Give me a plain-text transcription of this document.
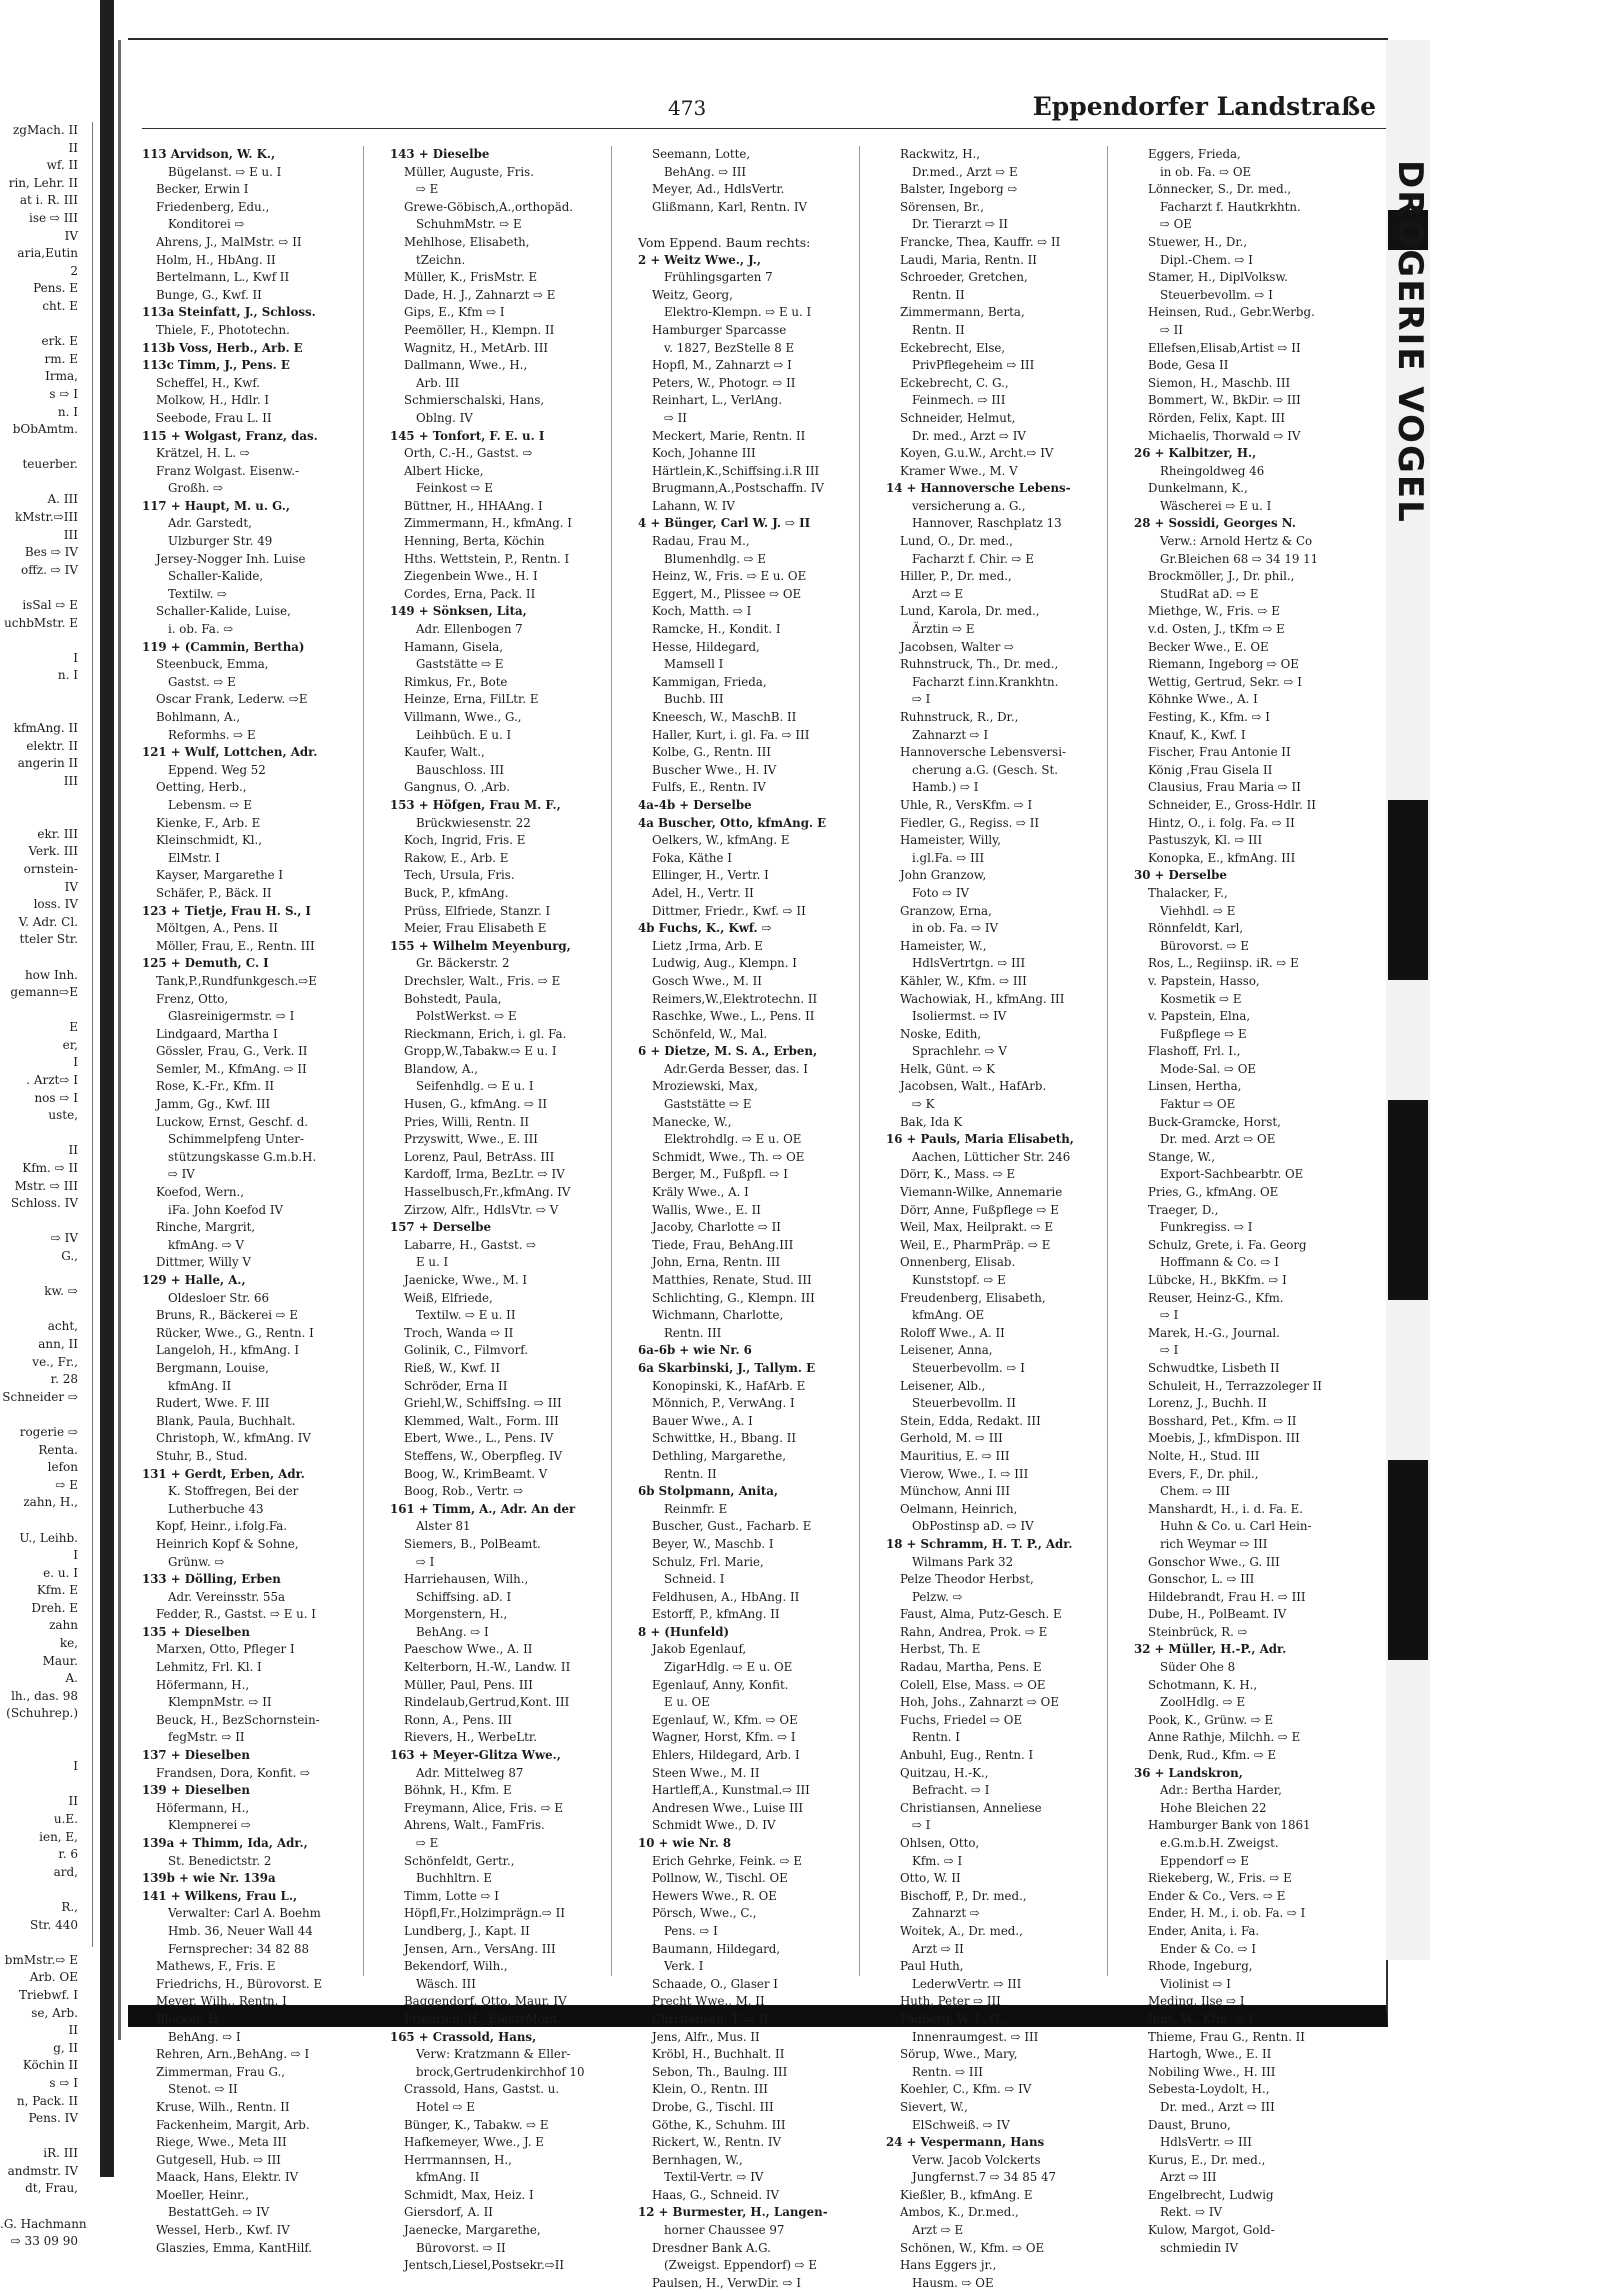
zgMach. II
II
wf. II
rin, Lehr. II
at i. R. III
ise ⇨ III
IV
aria,Eutin
2
Pens. E
cht. E

erk. E
rm. E
Irma,
s ⇨ I
n. I
bObAmtm.

teuerber.

A. III
kMstr.⇨III
III
Bes ⇨ IV
offz. ⇨ IV

isSal ⇨ E
uchbMstr. E

I
n. I

kfmAng. II
elektr. II
angerin II
III

ekr. III
Verk. III
ornstein-
IV
loss. IV
V. Adr. Cl.
tteler Str.

how Inh.
gemann⇨E

E
er,
I
. Arzt⇨ I
nos ⇨ I
uste,

II
Kfm. ⇨ II
Mstr. ⇨ III
Schloss. IV

⇨ IV
G.,

kw. ⇨

acht,
ann, II
ve., Fr.,
r. 28
Schneider ⇨

rogerie ⇨
Renta.
lefon
⇨ E
zahn, H.,

U., Leihb.
I
e. u. I
Kfm. E
Dreh. E
zahn
ke,
Maur.
A.
lh., das. 98
(Schuhrep.)

I

II
u.E.
ien, E,
r. 6
ard,

R.,
Str. 440

bmMstr.⇨ E
Arb. OE
Triebwf. I
se, Arb.
II
g, II
Köchin II
s ⇨ I
n, Pack. II
Pens. IV

iR. III
andmstr. IV
dt, Frau,

.G. Hachmann
⇨ 33 09 90
473	Eppendorfer Landstraße
113 Arvidson, W. K.,
Bügelanst. ⇨ E u. I
Becker, Erwin I
Friedenberg, Edu.,
Konditorei ⇨
Ahrens, J., MalMstr. ⇨ II
Holm, H., HbAng. II
Bertelmann, L., Kwf II
Bunge, G., Kwf. II
113a Steinfatt, J., Schloss.
Thiele, F., Phototechn.
113b Voss, Herb., Arb. E
113c Timm, J., Pens. E
Scheffel, H., Kwf.
Molkow, H., Hdlr. I
Seebode, Frau L. II
115 + Wolgast, Franz, das.
Krätzel, H. L. ⇨
Franz Wolgast. Eisenw.-
Großh. ⇨
117 + Haupt, M. u. G.,
Adr. Garstedt,
Ulzburger Str. 49
Jersey-Nogger Inh. Luise
Schaller-Kalide,
Textilw. ⇨
Schaller-Kalide, Luise,
i. ob. Fa. ⇨
119 + (Cammin, Bertha)
Steenbuck, Emma,
Gastst. ⇨ E
Oscar Frank, Lederw. ⇨E
Bohlmann, A.,
Reformhs. ⇨ E
121 + Wulf, Lottchen, Adr.
Eppend. Weg 52
Oetting, Herb.,
Lebensm. ⇨ E
Kienke, F., Arb. E
Kleinschmidt, Kl.,
ElMstr. I
Kayser, Margarethe I
Schäfer, P., Bäck. II
123 + Tietje, Frau H. S., I
Möltgen, A., Pens. II
Möller, Frau, E., Rentn. III
125 + Demuth, C. I
Tank,P.,Rundfunkgesch.⇨E
Frenz, Otto,
Glasreinigermstr. ⇨ I
Lindgaard, Martha I
Gössler, Frau, G., Verk. II
Semler, M., KfmAng. ⇨ II
Rose, K.-Fr., Kfm. II
Jamm, Gg., Kwf. III
Luckow, Ernst, Geschf. d.
Schimmelpfeng Unter-
stützungskasse G.m.b.H.
⇨ IV
Koefod, Wern.,
iFa. John Koefod IV
Rinche, Margrit,
kfmAng. ⇨ V
Dittmer, Willy V
129 + Halle, A.,
Oldesloer Str. 66
Bruns, R., Bäckerei ⇨ E
Rücker, Wwe., G., Rentn. I
Langeloh, H., kfmAng. I
Bergmann, Louise,
kfmAng. II
Rudert, Wwe. F. III
Blank, Paula, Buchhalt.
Christoph, W., kfmAng. IV
Stuhr, B., Stud.
131 + Gerdt, Erben, Adr.
K. Stoffregen, Bei der
Lutherbuche 43
Kopf, Heinr., i.folg.Fa.
Heinrich Kopf & Sohne,
Grünw. ⇨
133 + Dölling, Erben
Adr. Vereinsstr. 55a
Fedder, R., Gastst. ⇨ E u. I
135 + Dieselben
Marxen, Otto, Pfleger I
Lehmitz, Frl. Kl. I
Höfermann, H.,
KlempnMstr. ⇨ II
Beuck, H., BezSchornstein-
fegMstr. ⇨ II
137 + Dieselben
Frandsen, Dora, Konfit. ⇨
139 + Dieselben
Höfermann, H.,
Klempnerei ⇨
139a + Thimm, Ida, Adr.,
St. Benedictstr. 2
139b + wie Nr. 139a
141 + Wilkens, Frau L.,
Verwalter: Carl A. Boehm
Hmb. 36, Neuer Wall 44
Fernsprecher: 34 82 88
Mathews, F., Fris. E
Friedrichs, H., Bürovorst. E
Meyer, Wilh., Rentn. I
Blöcker, H.,
BehAng. ⇨ I
Rehren, Arn.,BehAng. ⇨ I
Zimmerman, Frau G.,
Stenot. ⇨ II
Kruse, Wilh., Rentn. II
Fackenheim, Margit, Arb.
Riege, Wwe., Meta III
Gutgesell, Hub. ⇨ III
Maack, Hans, Elektr. IV
Moeller, Heinr.,
BestattGeh. ⇨ IV
Wessel, Herb., Kwf. IV
Glaszies, Emma, KantHilf.
143 + Dieselbe
Müller, Auguste, Fris.
⇨ E
Grewe-Göbisch,A.,orthopäd.
SchuhmMstr. ⇨ E
Mehlhose, Elisabeth,
tZeichn.
Müller, K., FrisMstr. E
Dade, H. J., Zahnarzt ⇨ E
Gips, E., Kfm ⇨ I
Peemöller, H., Klempn. II
Wagnitz, H., MetArb. III
Dallmann, Wwe., H.,
Arb. III
Schmierschalski, Hans,
Oblng. IV
145 + Tonfort, F. E. u. I
Orth, C.-H., Gastst. ⇨
Albert Hicke,
Feinkost ⇨ E
Büttner, H., HHAAng. I
Zimmermann, H., kfmAng. I
Henning, Berta, Köchin
Hths. Wettstein, P., Rentn. I
Ziegenbein Wwe., H. I
Cordes, Erna, Pack. II
149 + Sönksen, Lita,
Adr. Ellenbogen 7
Hamann, Gisela,
Gaststätte ⇨ E
Rimkus, Fr., Bote
Heinze, Erna, FilLtr. E
Villmann, Wwe., G.,
Leihbüch. E u. I
Kaufer, Walt.,
Bauschloss. III
Gangnus, O. ,Arb.
153 + Höfgen, Frau M. F.,
Brückwiesenstr. 22
Koch, Ingrid, Fris. E
Rakow, E., Arb. E
Tech, Ursula, Fris.
Buck, P., kfmAng.
Prüss, Elfriede, Stanzr. I
Meier, Frau Elisabeth E
155 + Wilhelm Meyenburg,
Gr. Bäckerstr. 2
Drechsler, Walt., Fris. ⇨ E
Bohstedt, Paula,
PolstWerkst. ⇨ E
Rieckmann, Erich, i. gl. Fa.
Gropp,W.,Tabakw.⇨ E u. I
Blandow, A.,
Seifenhdlg. ⇨ E u. I
Husen, G., kfmAng. ⇨ II
Pries, Willi, Rentn. II
Przyswitt, Wwe., E. III
Lorenz, Paul, BetrAss. III
Kardoff, Irma, BezLtr. ⇨ IV
Hasselbusch,Fr.,kfmAng. IV
Zirzow, Alfr., HdlsVtr. ⇨ V
157 + Derselbe
Labarre, H., Gastst. ⇨
E u. I
Jaenicke, Wwe., M. I
Weiß, Elfriede,
Textilw. ⇨ E u. II
Troch, Wanda ⇨ II
Golinik, C., Filmvorf.
Rieß, W., Kwf. II
Schröder, Erna II
Griehl,W., SchiffsIng. ⇨ III
Klemmed, Walt., Form. III
Ebert, Wwe., L., Pens. IV
Steffens, W., Oberpfleg. IV
Boog, W., KrimBeamt. V
Boog, Rob., Vertr. ⇨
161 + Timm, A., Adr. An der
Alster 81
Siemers, B., PolBeamt.
⇨ I
Harriehausen, Wilh.,
Schiffsing. aD. I
Morgenstern, H.,
BehAng. ⇨ I
Paeschow Wwe., A. II
Kelterborn, H.-W., Landw. II
Müller, Paul, Pens. III
Rindelaub,Gertrud,Kont. III
Ronn, A., Pens. III
Rievers, H., WerbeLtr.
163 + Meyer-Glitza Wwe.,
Adr. Mittelweg 87
Böhnk, H., Kfm. E
Freymann, Alice, Fris. ⇨ E
Ahrens, Walt., FamFris.
⇨ E
Schönfeldt, Gertr.,
Buchhltrn. E
Timm, Lotte ⇨ I
Höpfl,Fr.,Holzimprägn.⇨ II
Lundberg, J., Kapt. II
Jensen, Arn., VersAng. III
Bekendorf, Wilh.,
Wäsch. III
Baggendorf, Otto, Maur. IV
Friedrich, H., ElektrMont.
165 + Crassold, Hans,
Verw: Kratzmann & Eller-
brock,Gertrudenkirchhof 10
Crassold, Hans, Gastst. u.
Hotel ⇨ E
Bünger, K., Tabakw. ⇨ E
Hafkemeyer, Wwe., J. E
Herrmannsen, H.,
kfmAng. II
Schmidt, Max, Heiz. I
Giersdorf, A. II
Jaenecke, Margarethe,
Bürovorst. ⇨ II
Jentsch,Liesel,Postsekr.⇨II
Seemann, Lotte,
BehAng. ⇨ III
Meyer, Ad., HdlsVertr.
Glißmann, Karl, Rentn. IV

Vom Eppend. Baum rechts:
2 + Weitz Wwe., J.,
Frühlingsgarten 7
Weitz, Georg,
Elektro-Klempn. ⇨ E u. I
Hamburger Sparcasse
v. 1827, BezStelle 8 E
Hopfl, M., Zahnarzt ⇨ I
Peters, W., Photogr. ⇨ II
Reinhart, L., VerlAng.
⇨ II
Meckert, Marie, Rentn. II
Koch, Johanne III
Härtlein,K.,Schiffsing.i.R III
Brugmann,A.,Postschaffn. IV
Lahann, W. IV
4 + Bünger, Carl W. J. ⇨ II
Radau, Frau M.,
Blumenhdlg. ⇨ E
Heinz, W., Fris. ⇨ E u. OE
Eggert, M., Plissee ⇨ OE
Koch, Matth. ⇨ I
Ramcke, H., Kondit. I
Hesse, Hildegard,
Mamsell I
Kammigan, Frieda,
Buchb. III
Kneesch, W., MaschB. II
Haller, Kurt, i. gl. Fa. ⇨ III
Kolbe, G., Rentn. III
Buscher Wwe., H. IV
Fulfs, E., Rentn. IV
4a-4b + Derselbe
4a Buscher, Otto, kfmAng. E
Oelkers, W., kfmAng. E
Foka, Käthe I
Ellinger, H., Vertr. I
Adel, H., Vertr. II
Dittmer, Friedr., Kwf. ⇨ II
4b Fuchs, K., Kwf. ⇨
Lietz ,Irma, Arb. E
Ludwig, Aug., Klempn. I
Gosch Wwe., M. II
Reimers,W.,Elektrotechn. II
Raschke, Wwe., L., Pens. II
Schönfeld, W., Mal.
6 + Dietze, M. S. A., Erben,
Adr.Gerda Besser, das. I
Mroziewski, Max,
Gaststätte ⇨ E
Manecke, W.,
Elektrohdlg. ⇨ E u. OE
Schmidt, Wwe., Th. ⇨ OE
Berger, M., Fußpfl. ⇨ I
Kräly Wwe., A. I
Wallis, Wwe., E. II
Jacoby, Charlotte ⇨ II
Tiede, Frau, BehAng.III
John, Erna, Rentn. III
Matthies, Renate, Stud. III
Schlichting, G., Klempn. III
Wichmann, Charlotte,
Rentn. III
6a-6b + wie Nr. 6
6a Skarbinski, J., Tallym. E
Konopinski, K., HafArb. E
Mönnich, P., VerwAng. I
Bauer Wwe., A. I
Schwittke, H., Bbang. II
Dethling, Margarethe,
Rentn. II
6b Stolpmann, Anita,
Reinmfr. E
Buscher, Gust., Facharb. E
Beyer, W., Maschb. I
Schulz, Frl. Marie,
Schneid. I
Feldhusen, A., HbAng. II
Estorff, P., kfmAng. II
8 + (Hunfeld)
Jakob Egenlauf,
ZigarHdlg. ⇨ E u. OE
Egenlauf, Anny, Konfit.
E u. OE
Egenlauf, W., Kfm. ⇨ OE
Wagner, Horst, Kfm. ⇨ I
Ehlers, Hildegard, Arb. I
Steen Wwe., M. II
Hartleff,A., Kunstmal.⇨ III
Andresen Wwe., Luise III
Schmidt Wwe., D. IV
10 + wie Nr. 8
Erich Gehrke, Feink. ⇨ E
Pollnow, W., Tischl. OE
Hewers Wwe., R. OE
Pörsch, Wwe., C.,
Pens. ⇨ I
Baumann, Hildegard,
Verk. I
Schaade, O., Glaser I
Precht Wwe., M. II
Christensen, T. ⇨ II
Jens, Alfr., Mus. II
Kröbl, H., Buchhalt. II
Sebon, Th., Baulng. III
Klein, O., Rentn. III
Drobe, G., Tischl. III
Göthe, K., Schuhm. III
Rickert, W., Rentn. IV
Bernhagen, W.,
Textil-Vertr. ⇨ IV
Haas, G., Schneid. IV
12 + Burmester, H., Langen-
horner Chaussee 97
Dresdner Bank A.G.
(Zweigst. Eppendorf) ⇨ E
Paulsen, H., VerwDir. ⇨ I
Rackwitz, H.,
Dr.med., Arzt ⇨ E
Balster, Ingeborg ⇨
Sörensen, Br.,
Dr. Tierarzt ⇨ II
Francke, Thea, Kauffr. ⇨ II
Laudi, Maria, Rentn. II
Schroeder, Gretchen,
Rentn. II
Zimmermann, Berta,
Rentn. II
Eckebrecht, Else,
PrivPflegeheim ⇨ III
Eckebrecht, C. G.,
Feinmech. ⇨ III
Schneider, Helmut,
Dr. med., Arzt ⇨ IV
Koyen, G.u.W., Archt.⇨ IV
Kramer Wwe., M. V
14 + Hannoversche Lebens-
versicherung a. G.,
Hannover, Raschplatz 13
Lund, O., Dr. med.,
Facharzt f. Chir. ⇨ E
Hiller, P., Dr. med.,
Arzt ⇨ E
Lund, Karola, Dr. med.,
Ärztin ⇨ E
Jacobsen, Walter ⇨
Ruhnstruck, Th., Dr. med.,
Facharzt f.inn.Krankhtn.
⇨ I
Ruhnstruck, R., Dr.,
Zahnarzt ⇨ I
Hannoversche Lebensversi-
cherung a.G. (Gesch. St.
Hamb.) ⇨ I
Uhle, R., VersKfm. ⇨ I
Fiedler, G., Regiss. ⇨ II
Hameister, Willy,
i.gl.Fa. ⇨ III
John Granzow,
Foto ⇨ IV
Granzow, Erna,
in ob. Fa. ⇨ IV
Hameister, W.,
HdlsVertrtgn. ⇨ III
Kähler, W., Kfm. ⇨ III
Wachowiak, H., kfmAng. III
Isoliermst. ⇨ IV
Noske, Edith,
Sprachlehr. ⇨ V
Helk, Günt. ⇨ K
Jacobsen, Walt., HafArb.
⇨ K
Bak, Ida K
16 + Pauls, Maria Elisabeth,
Aachen, Lütticher Str. 246
Dörr, K., Mass. ⇨ E
Viemann-Wilke, Annemarie
Dörr, Anne, Fußpflege ⇨ E
Weil, Max, Heilprakt. ⇨ E
Weil, E., PharmPräp. ⇨ E
Onnenberg, Elisab.
Kunststopf. ⇨ E
Freudenberg, Elisabeth,
kfmAng. OE
Roloff Wwe., A. II
Leisener, Anna,
Steuerbevollm. ⇨ I
Leisener, Alb.,
Steuerbevollm. II
Stein, Edda, Redakt. III
Gerhold, M. ⇨ III
Mauritius, E. ⇨ III
Vierow, Wwe., I. ⇨ III
Münchow, Anni III
Oelmann, Heinrich,
ObPostinsp aD. ⇨ IV
18 + Schramm, H. T. P., Adr.
Wilmans Park 32
Pelze Theodor Herbst,
Pelzw. ⇨
Faust, Alma, Putz-Gesch. E
Rahn, Andrea, Prok. ⇨ E
Herbst, Th. E
Radau, Martha, Pens. E
Colell, Else, Mass. ⇨ OE
Hoh, Johs., Zahnarzt ⇨ OE
Fuchs, Friedel ⇨ OE
Rentn. I
Anbuhl, Eug., Rentn. I
Quitzau, H.-K.,
Befracht. ⇨ I
Christiansen, Anneliese
⇨ I
Ohlsen, Otto,
Kfm. ⇨ I
Otto, W. II
Bischoff, P., Dr. med.,
Zahnarzt ⇨
Woitek, A., Dr. med.,
Arzt ⇨ II
Paul Huth,
LederwVertr. ⇨ III
Huth, Peter ⇨ III
Padberg, W. L. G.,
Innenraumgest. ⇨ III
Sörup, Wwe., Mary,
Rentn. ⇨ III
Koehler, C., Kfm. ⇨ IV
Sievert, W.,
ElSchweiß. ⇨ IV
24 + Vespermann, Hans
Verw. Jacob Volckerts
Jungfernst.7 ⇨ 34 85 47
Kießler, B., kfmAng. E
Ambos, K., Dr.med.,
Arzt ⇨ E
Schönen, W., Kfm. ⇨ OE
Hans Eggers jr.,
Hausm. ⇨ OE
Eggers, Frieda,
in ob. Fa. ⇨ OE
Lönnecker, S., Dr. med.,
Facharzt f. Hautkrkhtn.
⇨ OE
Stuewer, H., Dr.,
Dipl.-Chem. ⇨ I
Stamer, H., DiplVolksw.
Steuerbevollm. ⇨ I
Heinsen, Rud., Gebr.Werbg.
⇨ II
Ellefsen,Elisab,Artist ⇨ II
Bode, Gesa II
Siemon, H., Maschb. III
Bommert, W., BkDir. ⇨ III
Rörden, Felix, Kapt. III
Michaelis, Thorwald ⇨ IV
26 + Kalbitzer, H.,
Rheingoldweg 46
Dunkelmann, K.,
Wäscherei ⇨ E u. I
28 + Sossidi, Georges N.
Verw.: Arnold Hertz & Co
Gr.Bleichen 68 ⇨ 34 19 11
Brockmöller, J., Dr. phil.,
StudRat aD. ⇨ E
Miethge, W., Fris. ⇨ E
v.d. Osten, J., tKfm ⇨ E
Becker Wwe., E. OE
Riemann, Ingeborg ⇨ OE
Wettig, Gertrud, Sekr. ⇨ I
Köhnke Wwe., A. I
Festing, K., Kfm. ⇨ I
Knauf, K., Kwf. I
Fischer, Frau Antonie II
König ,Frau Gisela II
Clausius, Frau Maria ⇨ II
Schneider, E., Gross-Hdlr. II
Hintz, O., i. folg. Fa. ⇨ II
Pastuszyk, Kl. ⇨ III
Konopka, E., kfmAng. III
30 + Derselbe
Thalacker, F.,
Viehhdl. ⇨ E
Rönnfeldt, Karl,
Bürovorst. ⇨ E
Ros, L., Regiinsp. iR. ⇨ E
v. Papstein, Hasso,
Kosmetik ⇨ E
v. Papstein, Elna,
Fußpflege ⇨ E
Flashoff, Frl. I.,
Mode-Sal. ⇨ OE
Linsen, Hertha,
Faktur ⇨ OE
Buck-Gramcke, Horst,
Dr. med. Arzt ⇨ OE
Stange, W.,
Export-Sachbearbtr. OE
Pries, G., kfmAng. OE
Traeger, D.,
Funkregiss. ⇨ I
Schulz, Grete, i. Fa. Georg
Hoffmann & Co. ⇨ I
Lübcke, H., BkKfm. ⇨ I
Reuser, Heinz-G., Kfm.
⇨ I
Marek, H.-G., Journal.
⇨ I
Schwudtke, Lisbeth II
Schuleit, H., Terrazzoleger II
Lorenz, J., Buchh. II
Bosshard, Pet., Kfm. ⇨ II
Moebis, J., kfmDispon. III
Nolte, H., Stud. III
Evers, F., Dr. phil.,
Chem. ⇨ III
Manshardt, H., i. d. Fa. E.
Huhn & Co. u. Carl Hein-
rich Weymar ⇨ III
Gonschor Wwe., G. III
Gonschor, L. ⇨ III
Hildebrandt, Frau H. ⇨ III
Dube, H., PolBeamt. IV
Steinbrück, R. ⇨
32 + Müller, H.-P., Adr.
Süder Ohe 8
Schotmann, K. H.,
ZoolHdlg. ⇨ E
Pook, K., Grünw. ⇨ E
Anne Rathje, Milchh. ⇨ E
Denk, Rud., Kfm. ⇨ E
36 + Landskron,
Adr.: Bertha Harder,
Hohe Bleichen 22
Hamburger Bank von 1861
e.G.m.b.H. Zweigst.
Eppendorf ⇨ E
Riekeberg, W., Fris. ⇨ E
Ender & Co., Vers. ⇨ E
Ender, H. M., i. ob. Fa. ⇨ I
Ender, Anita, i. Fa.
Ender & Co. ⇨ I
Rhode, Ingeburg,
Violinist ⇨ I
Meding, Ilse ⇨ I
Ihns, W., Kfm. ⇨ I
Thieme, Frau G., Rentn. II
Hartogh, Wwe., E. II
Nobiling Wwe., H. III
Sebesta-Loydolt, H.,
Dr. med., Arzt ⇨ III
Daust, Bruno,
HdlsVertr. ⇨ III
Kurus, E., Dr. med.,
Arzt ⇨ III
Engelbrecht, Ludwig
Rekt. ⇨ IV
Kulow, Margot, Gold-
schmiedin IV
DROGERIE VOGEL
